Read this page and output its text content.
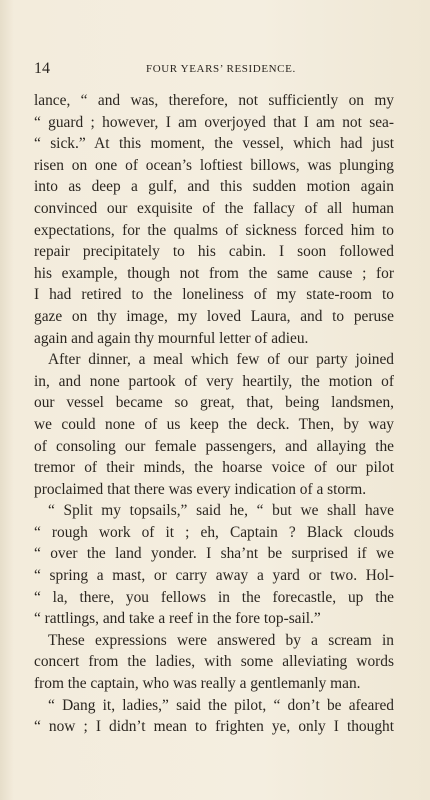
14	FOUR YEARS’ RESIDENCE.
lance, “ and was, therefore, not sufficiently on my
“ guard ; however, I am overjoyed that I am not sea-
“ sick.” At this moment, the vessel, which had just
risen on one of ocean’s loftiest billows, was plunging
into as deep a gulf, and this sudden motion again
convinced our exquisite of the fallacy of all human
expectations, for the qualms of sickness forced him to
repair precipitately to his cabin. I soon followed
his example, though not from the same cause ; for
I had retired to the loneliness of my state-room to
gaze on thy image, my loved Laura, and to peruse
again and again thy mournful letter of adieu.
After dinner, a meal which few of our party joined
in, and none partook of very heartily, the motion of
our vessel became so great, that, being landsmen,
we could none of us keep the deck. Then, by way
of consoling our female passengers, and allaying the
tremor of their minds, the hoarse voice of our pilot
proclaimed that there was every indication of a storm.
“ Split my topsails,” said he, “ but we shall have
“ rough work of it ; eh, Captain ? Black clouds
“ over the land yonder. I sha’nt be surprised if we
“ spring a mast, or carry away a yard or two. Hol-
“ la, there, you fellows in the forecastle, up the
“ rattlings, and take a reef in the fore top-sail.”
These expressions were answered by a scream in
concert from the ladies, with some alleviating words
from the captain, who was really a gentlemanly man.
“ Dang it, ladies,” said the pilot, “ don’t be afeared
“ now ; I didn’t mean to frighten ye, only I thought
